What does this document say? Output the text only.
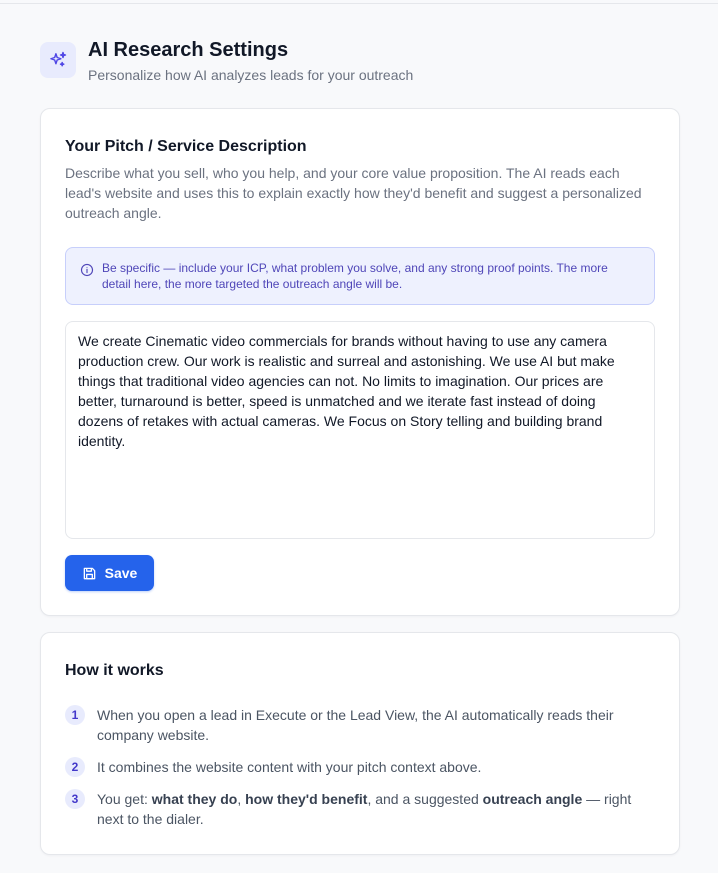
AI Research Settings
Personalize how AI analyzes leads for your outreach
Your Pitch / Service Description
Describe what you sell, who you help, and your core value proposition. The AI reads each lead's website and uses this to explain exactly how they'd benefit and suggest a personalized outreach angle.
Be specific — include your ICP, what problem you solve, and any strong proof points. The more detail here, the more targeted the outreach angle will be.
We create Cinematic video commercials for brands without having to use any camera production crew. Our work is realistic and surreal and astonishing. We use AI but make things that traditional video agencies can not. No limits to imagination. Our prices are better, turnaround is better, speed is unmatched and we iterate fast instead of doing dozens of retakes with actual cameras. We Focus on Story telling and building brand identity.
Save
How it works
1	When you open a lead in Execute or the Lead View, the AI automatically reads their company website.
2	It combines the website content with your pitch context above.
3	You get: what they do, how they'd benefit, and a suggested outreach angle — right next to the dialer.
